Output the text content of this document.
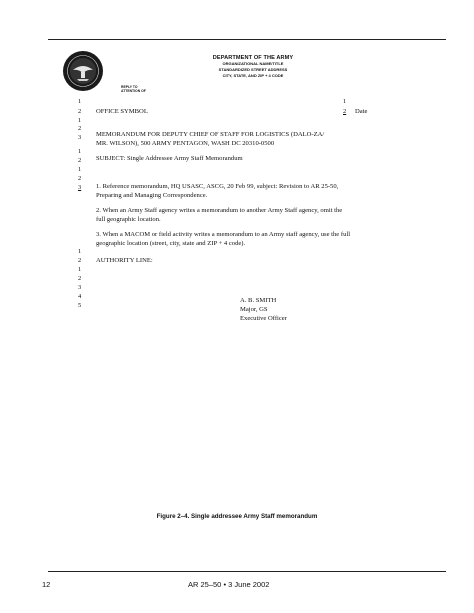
DEPARTMENT OF THE ARMY
ORGANIZATIONAL NAME/TITLE
STANDARDIZED STREET ADDRESS
CITY, STATE, AND ZIP + 4 CODE
REPLY TO
ATTENTION OF
1
2
1
2
3
1
2
1
2
3
1
2 Date
OFFICE SYMBOL
MEMORANDUM FOR DEPUTY CHIEF OF STAFF FOR LOGISTICS (DALO-ZA/
MR. WILSON), 500 ARMY PENTAGON, WASH DC 20310-0500
SUBJECT: Single Addressee Army Staff Memorandum
1. Reference memorandum, HQ USASC, ASCG, 20 Feb 99, subject: Revision to AR 25-50,
Preparing and Managing Correspondence.
2. When an Army Staff agency writes a memorandum to another Army Staff agency, omit the
full geographic location.
3. When a MACOM or field activity writes a memorandum to an Army staff agency, use the full
geographic location (street, city, state and ZIP + 4 code).
1
2
1
2
3
4
5
AUTHORITY LINE:
A. B. SMITH
Major, GS
Executive Officer
Figure 2–4. Single addressee Army Staff memorandum
12	AR 25–50 • 3 June 2002
